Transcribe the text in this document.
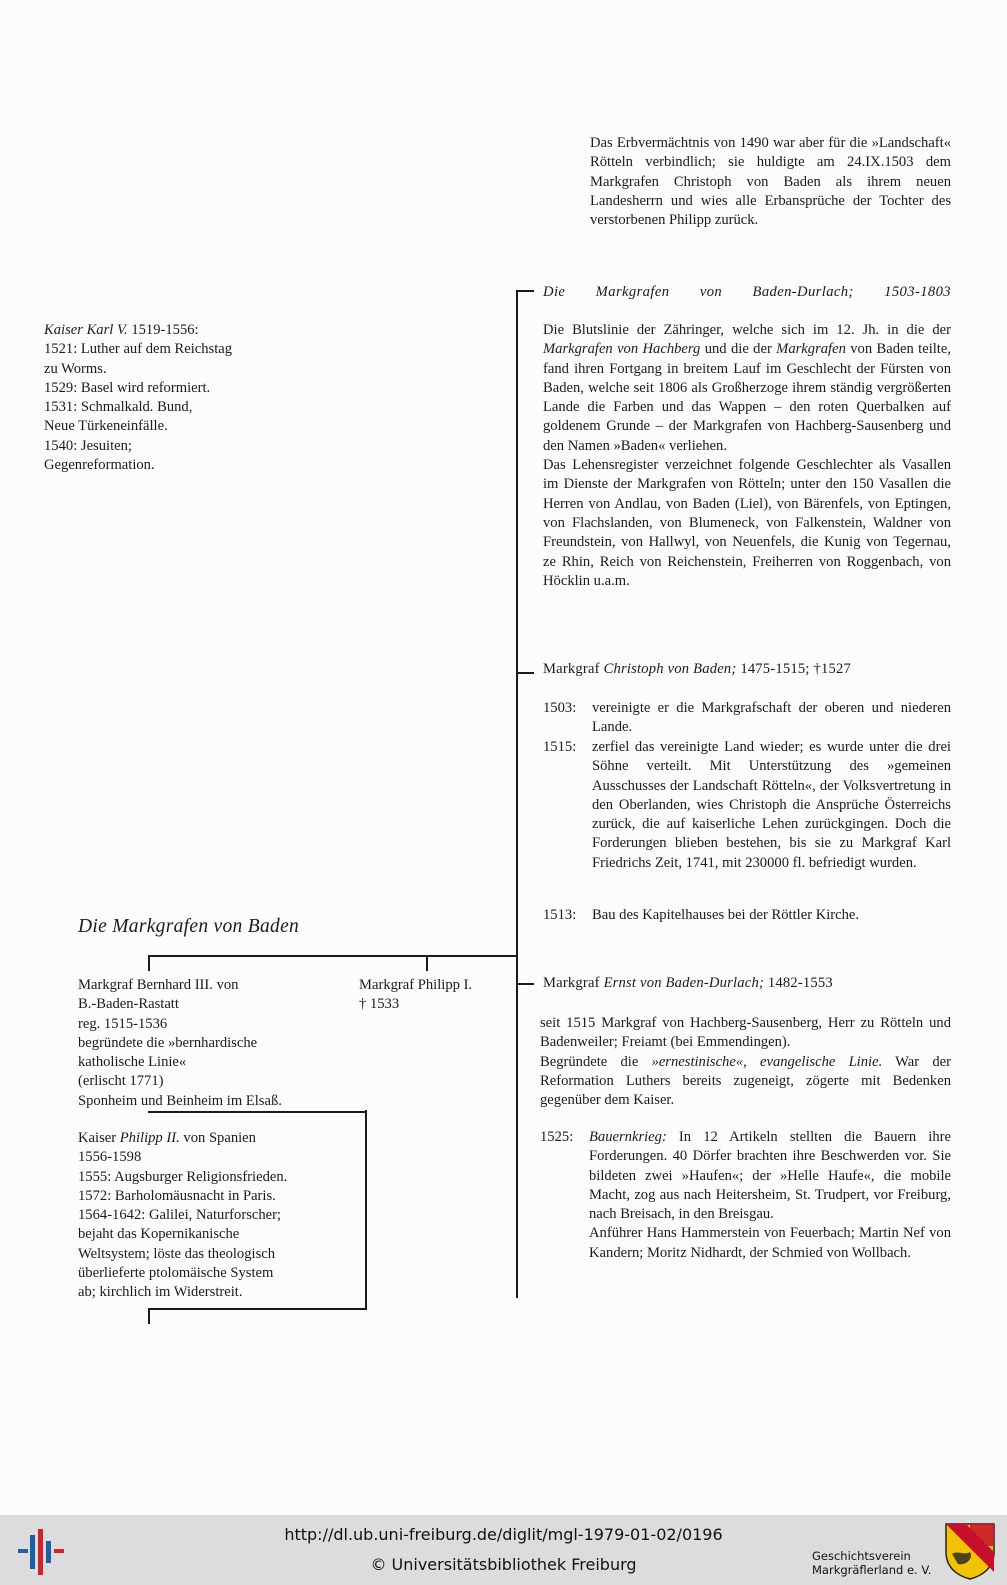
Das Erbvermächtnis von 1490 war aber für die »Landschaft« Rötteln verbindlich; sie huldigte am 24.IX.1503 dem Markgrafen Christoph von Baden als ihrem neuen Landesherrn und wies alle Erbansprüche der Tochter des verstorbenen Philipp zurück.

Kaiser Karl V. 1519-1556:

1521: Luther auf dem Reichstag

zu Worms.

1529: Basel wird reformiert.

1531: Schmalkald. Bund,

Neue Türkeneinfälle.

1540: Jesuiten;

Gegenreformation.

Die Markgrafen von Baden-Durlach; 1503-1803

Die Blutslinie der Zähringer, welche sich im 12. Jh. in die der Markgrafen von Hachberg und die der Markgrafen von Baden teilte, fand ihren Fortgang in breitem Lauf im Geschlecht der Fürsten von Baden, welche seit 1806 als Großherzoge ihrem ständig vergrößerten Lande die Farben und das Wappen – den roten Querbalken auf goldenem Grunde – der Markgrafen von Hachberg-Sausenberg und den Namen »Baden« verliehen.

Das Lehensregister verzeichnet folgende Geschlechter als Vasallen im Dienste der Markgrafen von Rötteln; unter den 150 Vasallen die Herren von Andlau, von Baden (Liel), von Bärenfels, von Eptingen, von Flachslanden, von Blumeneck, von Falkenstein, Waldner von Freundstein, von Hallwyl, von Neuenfels, die Kunig von Tegernau, ze Rhin, Reich von Reichenstein, Freiherren von Roggenbach, von Höcklin u.a.m.

Markgraf Christoph von Baden; 1475-1515; †1527
1503:	vereinigte er die Markgrafschaft der oberen und niederen Lande.
1515:	zerfiel das vereinigte Land wieder; es wurde unter die drei Söhne verteilt. Mit Unterstützung des »gemeinen Ausschusses der Landschaft Rötteln«, der Volksvertretung in den Oberlanden, wies Christoph die Ansprüche Österreichs zurück, die auf kaiserliche Lehen zurückgingen. Doch die Forderungen blieben bestehen, bis sie zu Markgraf Karl Friedrichs Zeit, 1741, mit 230000 fl. befriedigt wurden.
1513:	Bau des Kapitelhauses bei der Röttler Kirche.
Die Markgrafen von Baden

Markgraf Bernhard III. von

B.-Baden-Rastatt

reg. 1515-1536

begründete die »bernhardische

katholische Linie«

(erlischt 1771)

Sponheim und Beinheim im Elsaß.

Markgraf Philipp I.

† 1533

Kaiser Philipp II. von Spanien

1556-1598

1555: Augsburger Religionsfrieden.

1572: Barholomäusnacht in Paris.

1564-1642: Galilei, Naturforscher;

bejaht das Kopernikanische

Weltsystem; löste das theologisch

überlieferte ptolomäische System

ab; kirchlich im Widerstreit.

Markgraf Ernst von Baden-Durlach; 1482-1553

seit 1515 Markgraf von Hachberg-Sausenberg, Herr zu Rötteln und Badenweiler; Freiamt (bei Emmendingen).

Begründete die »ernestinische«, evangelische Linie. War der Reformation Luthers bereits zugeneigt, zögerte mit Bedenken gegenüber dem Kaiser.

1525:	Bauernkrieg: In 12 Artikeln stellten die Bauern ihre Forderungen. 40 Dörfer brachten ihre Beschwerden vor. Sie bildeten zwei »Haufen«; der »Helle Haufe«, die mobile Macht, zog aus nach Heitersheim, St. Trudpert, vor Freiburg, nach Breisach, in den Breisgau.
Anführer Hans Hammerstein von Feuerbach; Martin Nef von Kandern; Moritz Nidhardt, der Schmied von Wollbach.
http://dl.ub.uni-freiburg.de/diglit/mgl-1979-01-02/0196
© Universitätsbibliothek Freiburg	Geschichtsverein
Markgräflerland e. V.
